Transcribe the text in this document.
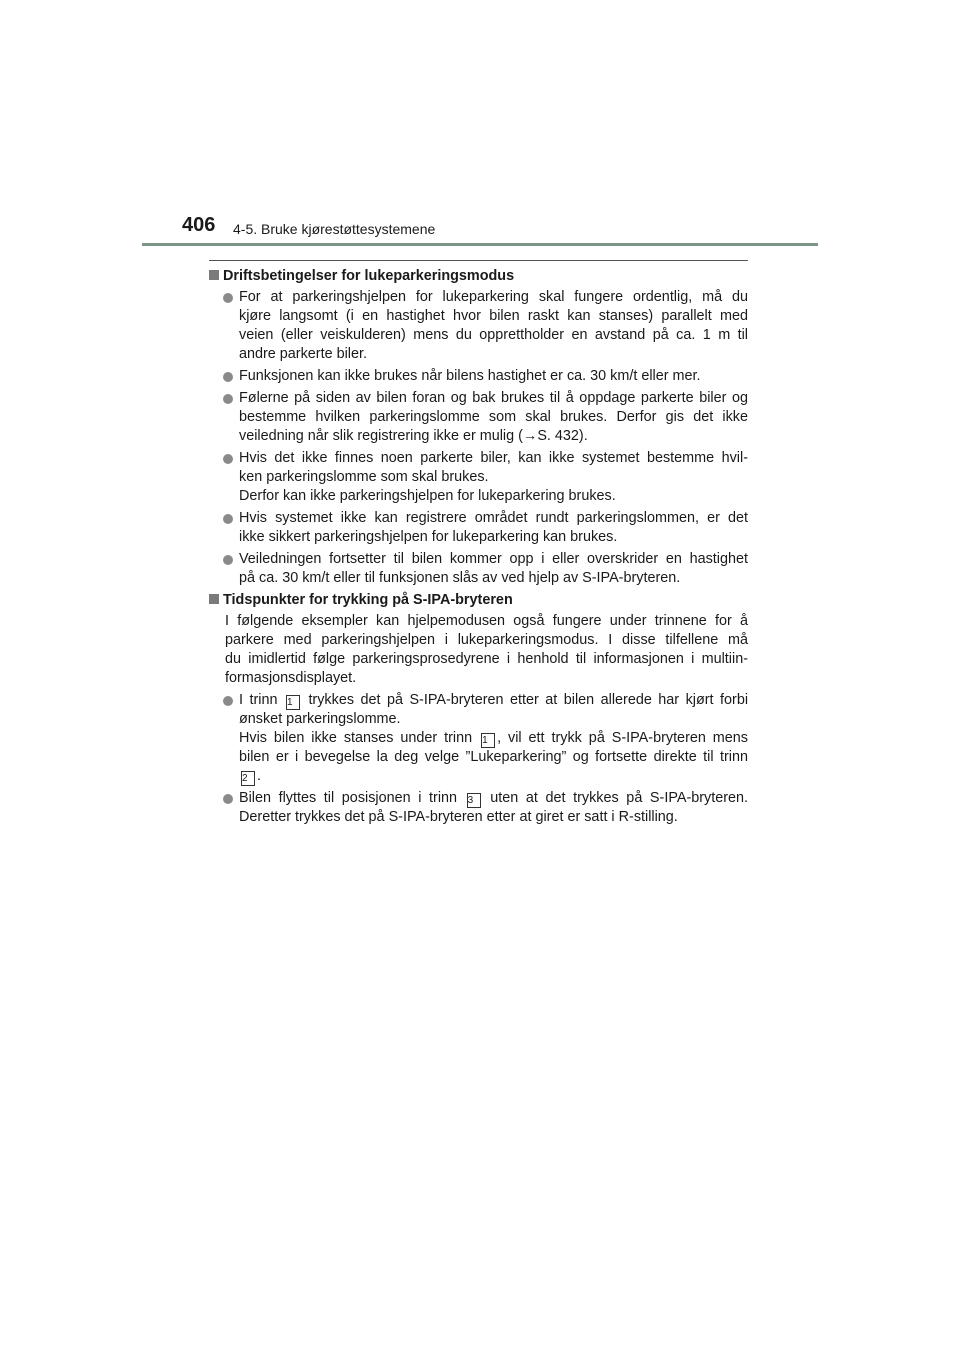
406 4-5. Bruke kjørestøttesystemene
Driftsbetingelser for lukeparkeringsmodus
For at parkeringshjelpen for lukeparkering skal fungere ordentlig, må du
kjøre langsomt (i en hastighet hvor bilen raskt kan stanses) parallelt med
veien (eller veiskulderen) mens du opprettholder en avstand på ca. 1 m til
andre parkerte biler.
Funksjonen kan ikke brukes når bilens hastighet er ca. 30 km/t eller mer.
Følerne på siden av bilen foran og bak brukes til å oppdage parkerte biler og
bestemme hvilken parkeringslomme som skal brukes. Derfor gis det ikke
veiledning når slik registrering ikke er mulig (→S. 432).
Hvis det ikke finnes noen parkerte biler, kan ikke systemet bestemme hvil-
ken parkeringslomme som skal brukes.
Derfor kan ikke parkeringshjelpen for lukeparkering brukes.
Hvis systemet ikke kan registrere området rundt parkeringslommen, er det
ikke sikkert parkeringshjelpen for lukeparkering kan brukes.
Veiledningen fortsetter til bilen kommer opp i eller overskrider en hastighet
på ca. 30 km/t eller til funksjonen slås av ved hjelp av S-IPA-bryteren.
Tidspunkter for trykking på S-IPA-bryteren
I følgende eksempler kan hjelpemodusen også fungere under trinnene for å
parkere med parkeringshjelpen i lukeparkeringsmodus. I disse tilfellene må
du imidlertid følge parkeringsprosedyrene i henhold til informasjonen i multiin-
formasjonsdisplayet.
I trinn 1 trykkes det på S-IPA-bryteren etter at bilen allerede har kjørt forbi
ønsket parkeringslomme.
Hvis bilen ikke stanses under trinn 1 , vil ett trykk på S-IPA-bryteren mens
bilen er i bevegelse la deg velge ”Lukeparkering” og fortsette direkte til trinn
2 .
Bilen flyttes til posisjonen i trinn 3 uten at det trykkes på S-IPA-bryteren.
Deretter trykkes det på S-IPA-bryteren etter at giret er satt i R-stilling.
